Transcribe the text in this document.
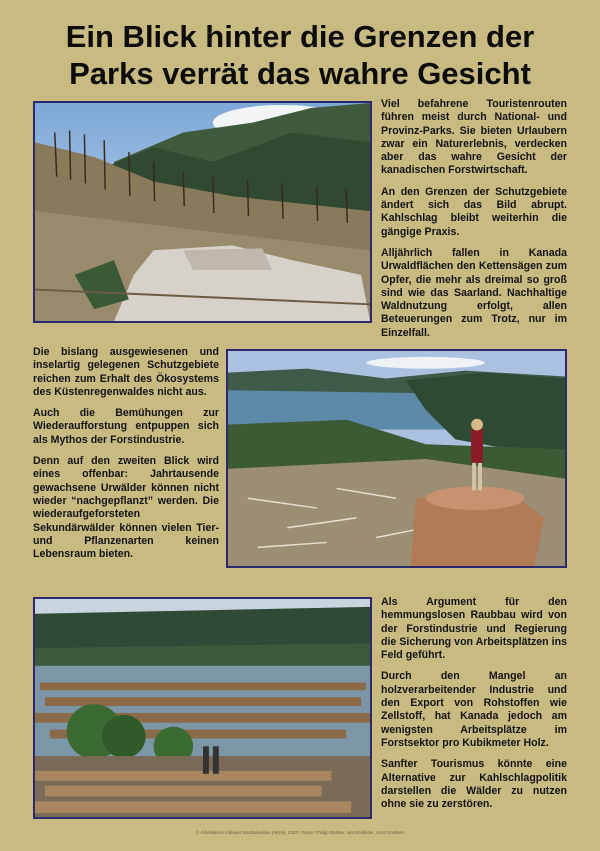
Ein Blick hinter die Grenzen der
Parks verrät das wahre Gesicht

Viel befahrene Touristenrouten führen meist durch National- und Provinz-Parks. Sie bieten Urlaubern zwar ein Naturerlebnis, verdecken aber das wahre Gesicht der kanadischen Forstwirtschaft.

An den Grenzen der Schutzgebiete ändert sich das Bild abrupt. Kahlschlag bleibt weiterhin die gängige Praxis.

Alljährlich fallen in Kanada Urwaldflächen den Kettensägen zum Opfer, die mehr als dreimal so groß sind wie das Saarland. Nachhaltige Waldnutzung erfolgt, allen Beteuerungen zum Trotz, nur im Einzelfall.

Die bislang ausgewiesenen und inselartig gelegenen Schutzgebiete reichen zum Erhalt des Ökosystems des Küstenregenwaldes nicht aus.

Auch die Bemühungen zur Wiederaufforstung entpuppen sich als Mythos der Forstindustrie.

Denn auf den zweiten Blick wird eines offenbar: Jahrtausende gewachsene Urwälder können nicht wieder “nachgepflanzt” werden. Die wiederaufgeforsteten Sekundärwälder können vielen Tier- und Pflanzenarten keinen Lebensraum bieten.

Als Argument für den hemmungslosen Raubbau wird von der Forstindustrie und Regierung die Sicherung von Arbeitsplätzen ins Feld geführt.

Durch den Mangel an holzverarbeitender Industrie und den Export von Rohstoffen wie Zellstoff, hat Kanada jedoch am wenigsten Arbeitsplätze im Forstsektor pro Kubikmeter Holz.

Sanfter Tourismus könnte eine Alternative zur Kahlschlagpolitik darstellen die Wälder zu nutzen ohne sie zu zerstören.

© Arbeitskreis Indianer Nordamerikas (AKIN), 2003 / Fotos: Philipp Büttner, Ian McAllister, Jens Dombert
